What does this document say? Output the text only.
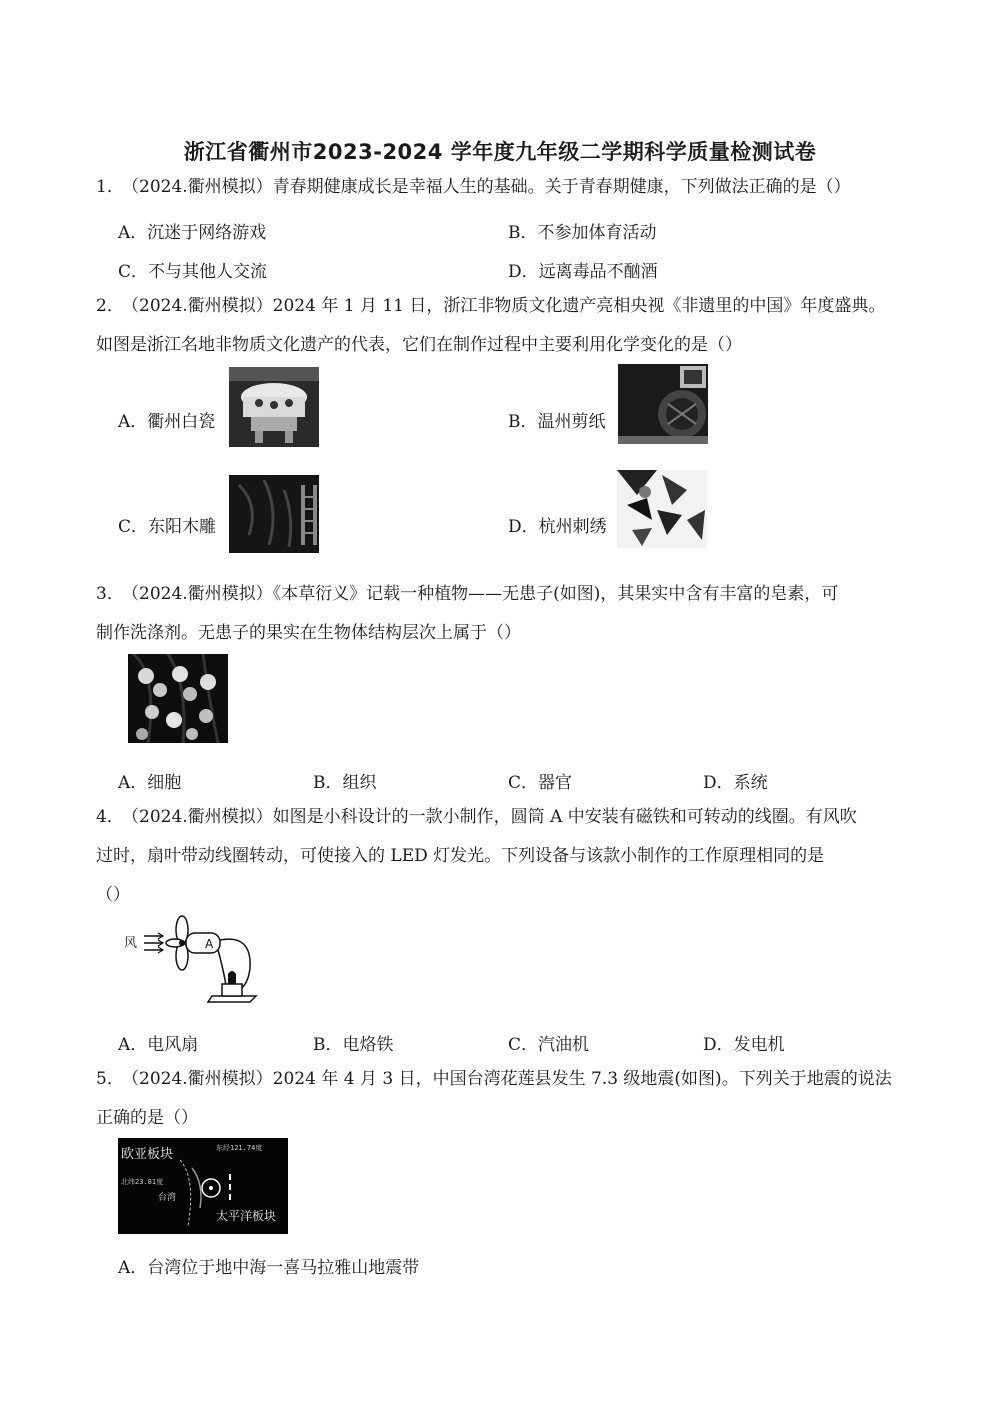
浙江省衢州市2023-2024 学年度九年级二学期科学质量检测试卷
1．（2024.衢州模拟）青春期健康成长是幸福人生的基础。关于青春期健康，下列做法正确的是（）
A．沉迷于网络游戏	B．不参加体育活动
C．不与其他人交流	D．远离毒品不酗酒
2．（2024.衢州模拟）2024 年 1 月 11 日，浙江非物质文化遗产亮相央视《非遗里的中国》年度盛典。
如图是浙江名地非物质文化遗产的代表，它们在制作过程中主要利用化学变化的是（）
A．衢州白瓷	B．温州剪纸
C．东阳木雕	D．杭州刺绣
3．（2024.衢州模拟）《本草衍义》记载一种植物——无患子(如图)，其果实中含有丰富的皂素，可
制作洗涤剂。无患子的果实在生物体结构层次上属于（）
A．细胞	B．组织	C．器官	D．系统
4．（2024.衢州模拟）如图是小科设计的一款小制作，圆筒 A 中安装有磁铁和可转动的线圈。有风吹
过时，扇叶带动线圈转动，可使接入的 LED 灯发光。下列设备与该款小制作的工作原理相同的是
（）
风	A
A．电风扇	B．电烙铁	C．汽油机	D．发电机
5．（2024.衢州模拟）2024 年 4 月 3 日，中国台湾花莲县发生 7.3 级地震(如图)。下列关于地震的说法
正确的是（）
欧亚板块	东经121.74度
北纬23.81度
台湾
太平洋板块
A．台湾位于地中海一喜马拉雅山地震带
